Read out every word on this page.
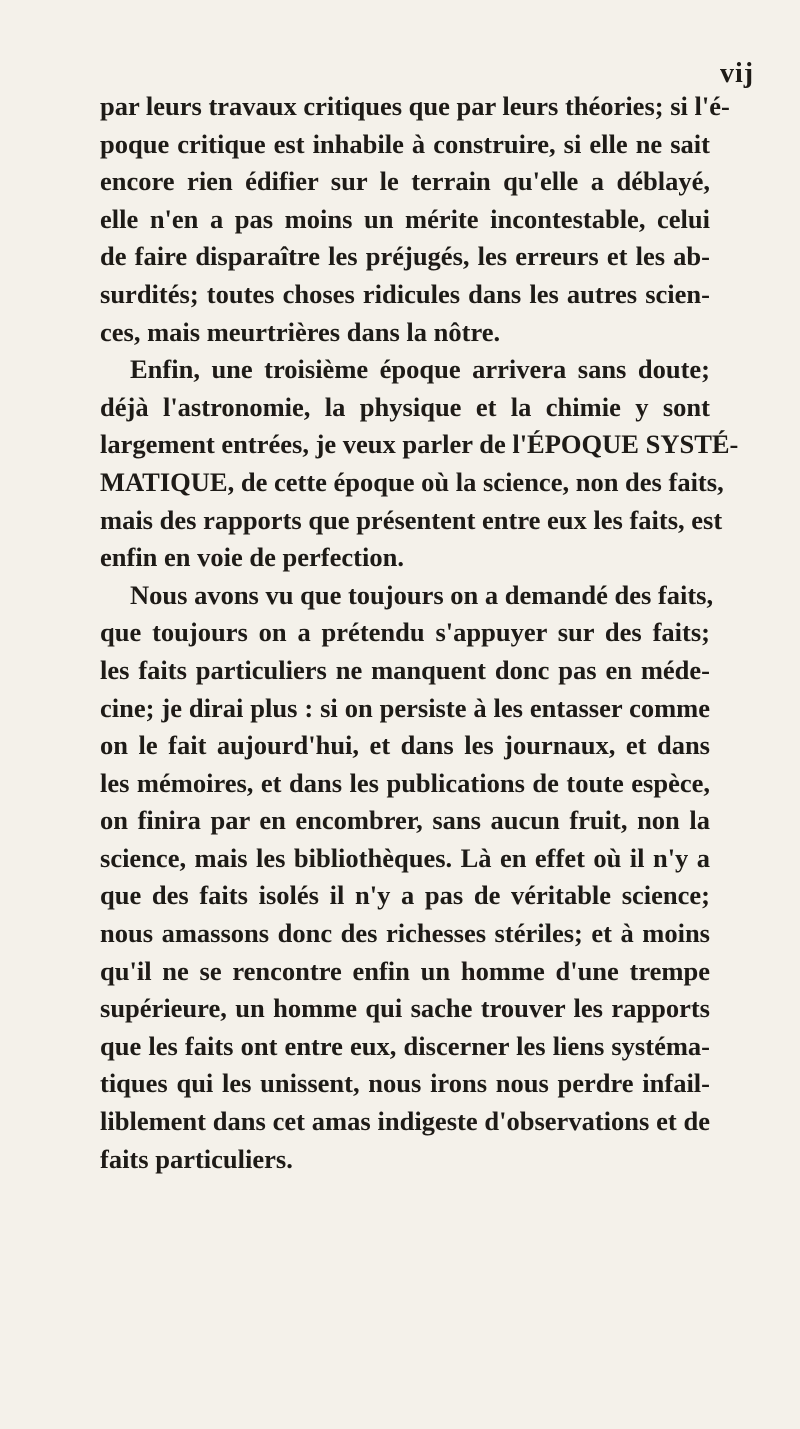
vij
par leurs travaux critiques que par leurs théories; si l'é-
poque critique est inhabile à construire, si elle ne sait
encore rien édifier sur le terrain qu'elle a déblayé,
elle n'en a pas moins un mérite incontestable, celui
de faire disparaître les préjugés, les erreurs et les ab-
surdités; toutes choses ridicules dans les autres scien-
ces, mais meurtrières dans la nôtre.
Enfin, une troisième époque arrivera sans doute;
déjà l'astronomie, la physique et la chimie y sont
largement entrées, je veux parler de l'ÉPOQUE SYSTÉ-
MATIQUE, de cette époque où la science, non des faits,
mais des rapports que présentent entre eux les faits, est
enfin en voie de perfection.
Nous avons vu que toujours on a demandé des faits,
que toujours on a prétendu s'appuyer sur des faits;
les faits particuliers ne manquent donc pas en méde-
cine; je dirai plus : si on persiste à les entasser comme
on le fait aujourd'hui, et dans les journaux, et dans
les mémoires, et dans les publications de toute espèce,
on finira par en encombrer, sans aucun fruit, non la
science, mais les bibliothèques. Là en effet où il n'y a
que des faits isolés il n'y a pas de véritable science;
nous amassons donc des richesses stériles; et à moins
qu'il ne se rencontre enfin un homme d'une trempe
supérieure, un homme qui sache trouver les rapports
que les faits ont entre eux, discerner les liens systéma-
tiques qui les unissent, nous irons nous perdre infail-
liblement dans cet amas indigeste d'observations et de
faits particuliers.
